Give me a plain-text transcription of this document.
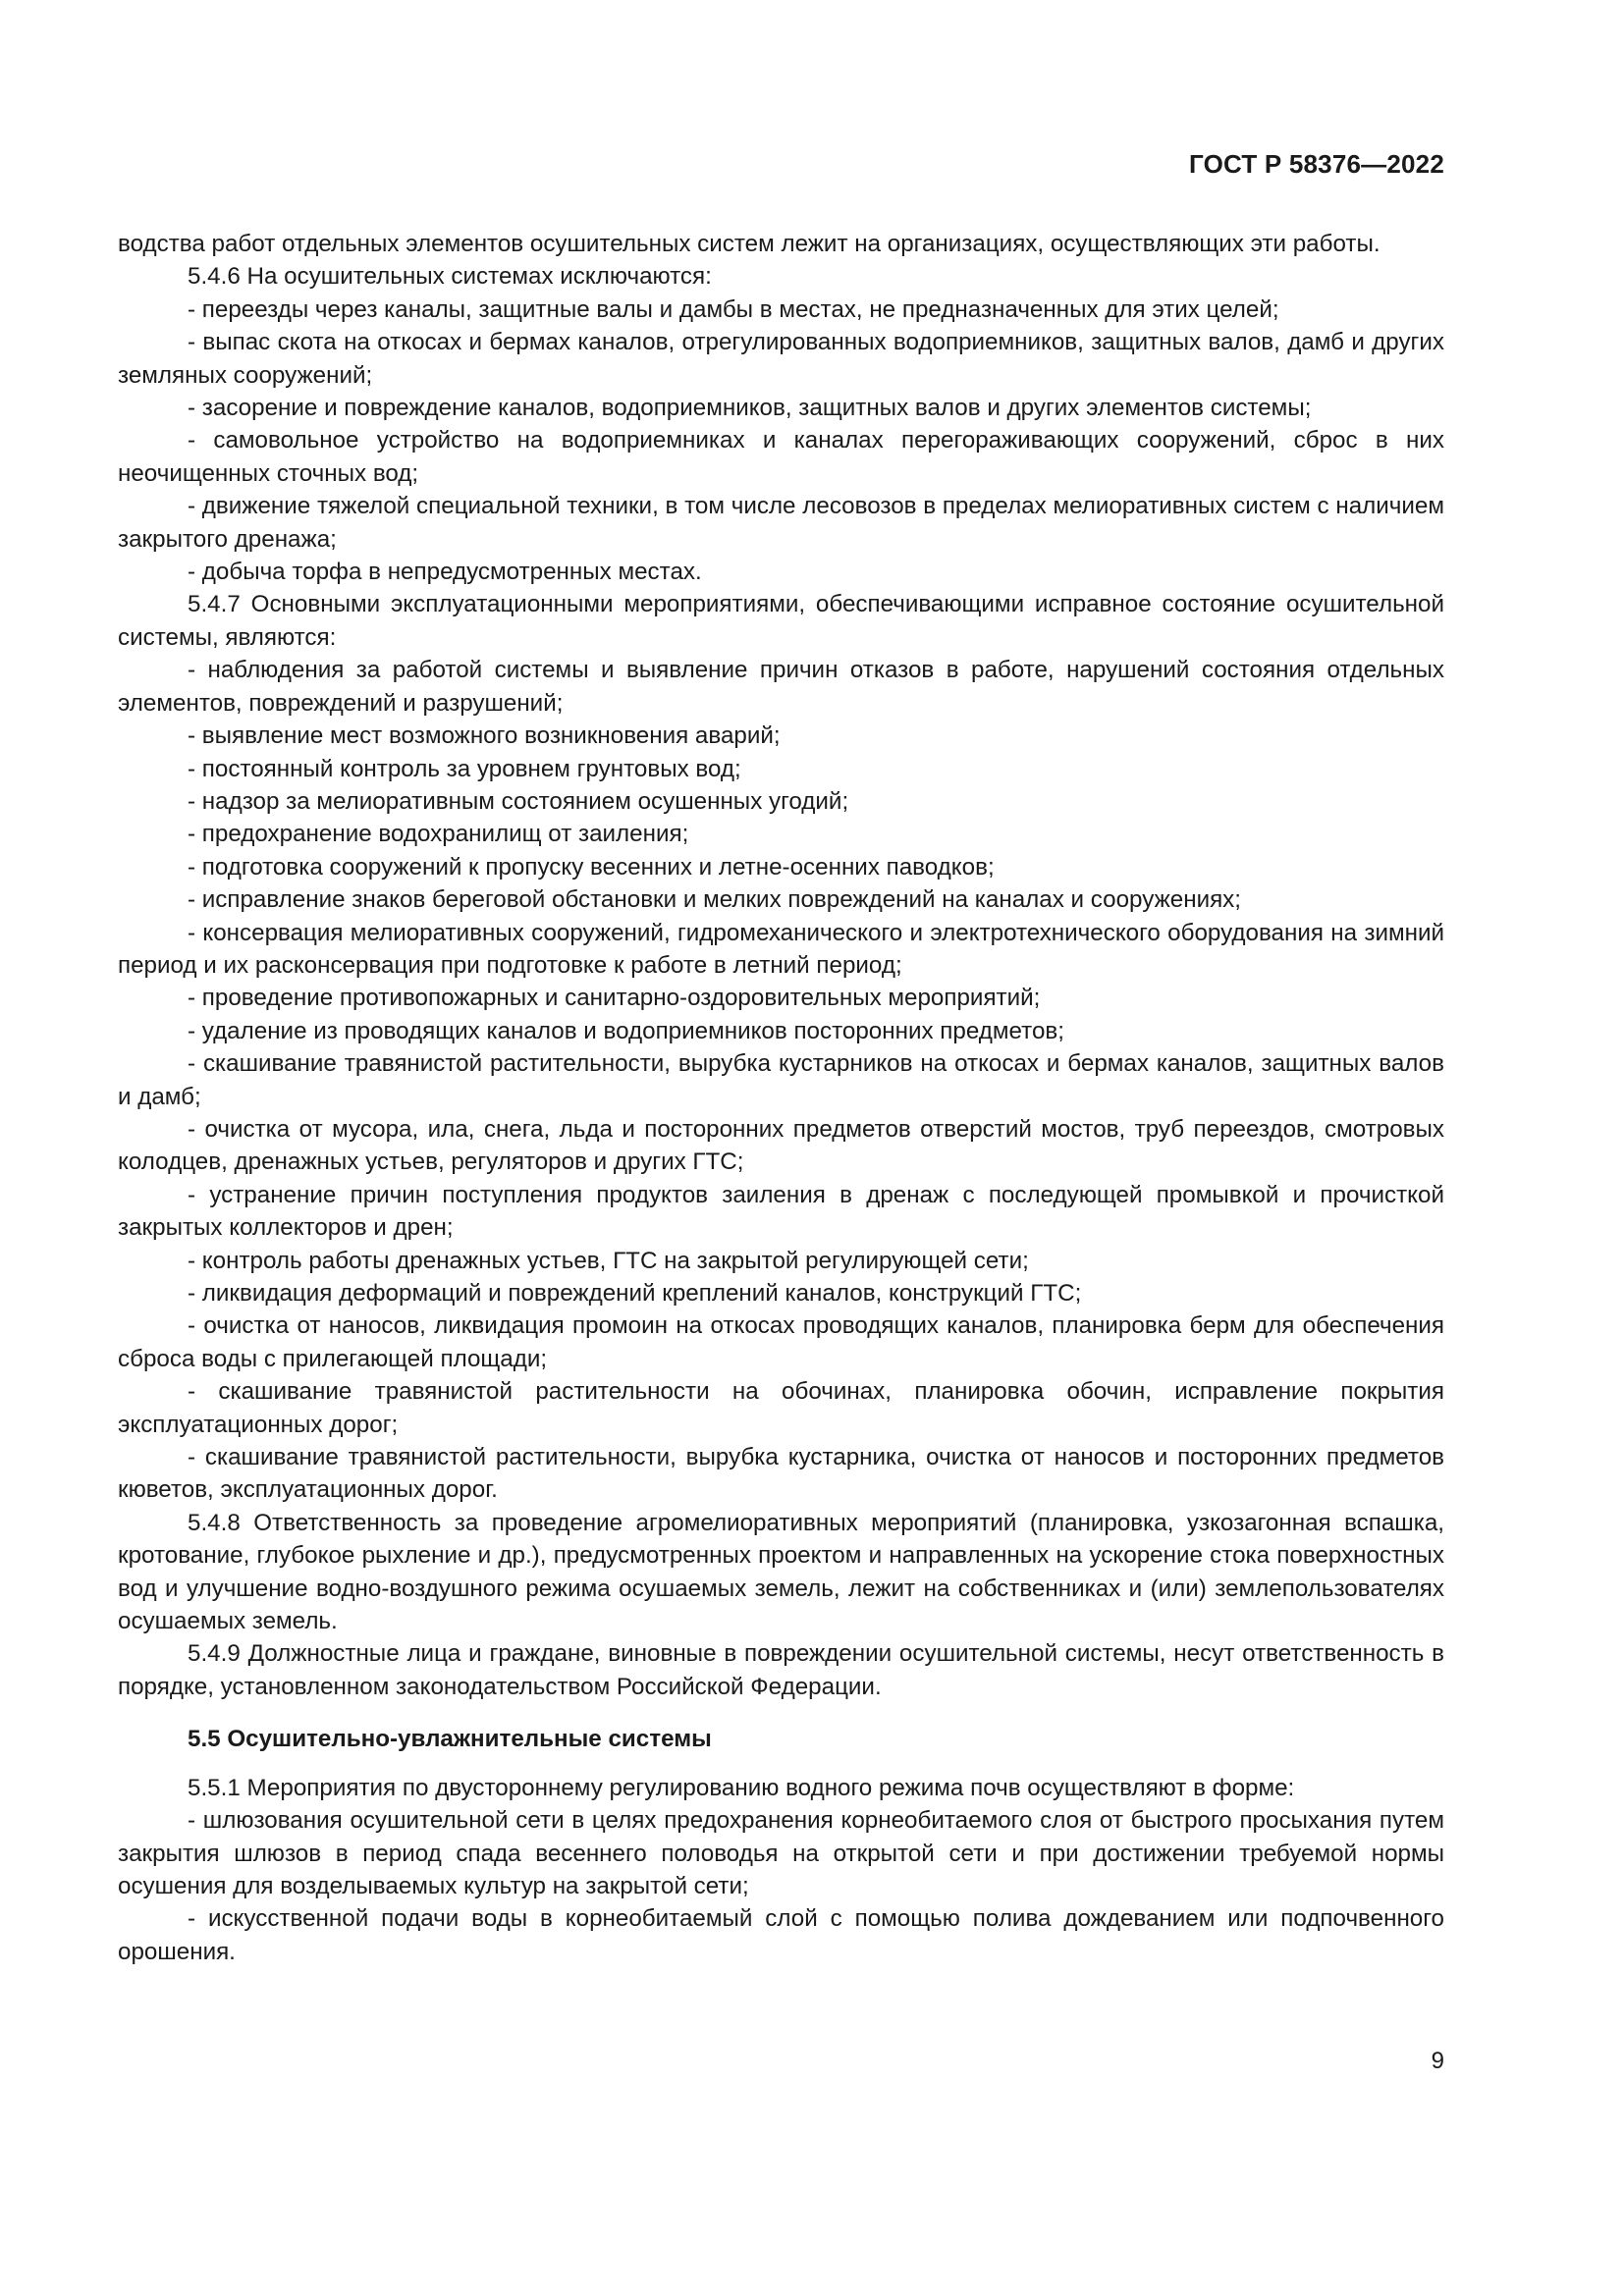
ГОСТ Р 58376—2022

водства работ отдельных элементов осушительных систем лежит на организациях, осуществляющих эти работы.

5.4.6 На осушительных системах исключаются:

- переезды через каналы, защитные валы и дамбы в местах, не предназначенных для этих целей;

- выпас скота на откосах и бермах каналов, отрегулированных водоприемников, защитных валов, дамб и других земляных сооружений;

- засорение и повреждение каналов, водоприемников, защитных валов и других элементов системы;

- самовольное устройство на водоприемниках и каналах перегораживающих сооружений, сброс в них неочищенных сточных вод;

- движение тяжелой специальной техники, в том числе лесовозов в пределах мелиоративных систем с наличием закрытого дренажа;

- добыча торфа в непредусмотренных местах.

5.4.7 Основными эксплуатационными мероприятиями, обеспечивающими исправное состояние осушительной системы, являются:

- наблюдения за работой системы и выявление причин отказов в работе, нарушений состояния отдельных элементов, повреждений и разрушений;

- выявление мест возможного возникновения аварий;

- постоянный контроль за уровнем грунтовых вод;

- надзор за мелиоративным состоянием осушенных угодий;

- предохранение водохранилищ от заиления;

- подготовка сооружений к пропуску весенних и летне-осенних паводков;

- исправление знаков береговой обстановки и мелких повреждений на каналах и сооружениях;

- консервация мелиоративных сооружений, гидромеханического и электротехнического оборудования на зимний период и их расконсервация при подготовке к работе в летний период;

- проведение противопожарных и санитарно-оздоровительных мероприятий;

- удаление из проводящих каналов и водоприемников посторонних предметов;

- скашивание травянистой растительности, вырубка кустарников на откосах и бермах каналов, защитных валов и дамб;

- очистка от мусора, ила, снега, льда и посторонних предметов отверстий мостов, труб переездов, смотровых колодцев, дренажных устьев, регуляторов и других ГТС;

- устранение причин поступления продуктов заиления в дренаж с последующей промывкой и прочисткой закрытых коллекторов и дрен;

- контроль работы дренажных устьев, ГТС на закрытой регулирующей сети;

- ликвидация деформаций и повреждений креплений каналов, конструкций ГТС;

- очистка от наносов, ликвидация промоин на откосах проводящих каналов, планировка берм для обеспечения сброса воды с прилегающей площади;

- скашивание травянистой растительности на обочинах, планировка обочин, исправление покрытия эксплуатационных дорог;

- скашивание травянистой растительности, вырубка кустарника, очистка от наносов и посторонних предметов кюветов, эксплуатационных дорог.

5.4.8 Ответственность за проведение агромелиоративных мероприятий (планировка, узкозагонная вспашка, кротование, глубокое рыхление и др.), предусмотренных проектом и направленных на ускорение стока поверхностных вод и улучшение водно-воздушного режима осушаемых земель, лежит на собственниках и (или) землепользователях осушаемых земель.

5.4.9 Должностные лица и граждане, виновные в повреждении осушительной системы, несут ответственность в порядке, установленном законодательством Российской Федерации.

5.5 Осушительно-увлажнительные системы

5.5.1 Мероприятия по двустороннему регулированию водного режима почв осуществляют в форме:

- шлюзования осушительной сети в целях предохранения корнеобитаемого слоя от быстрого просыхания путем закрытия шлюзов в период спада весеннего половодья на открытой сети и при достижении требуемой нормы осушения для возделываемых культур на закрытой сети;

- искусственной подачи воды в корнеобитаемый слой с помощью полива дождеванием или подпочвенного орошения.

9
